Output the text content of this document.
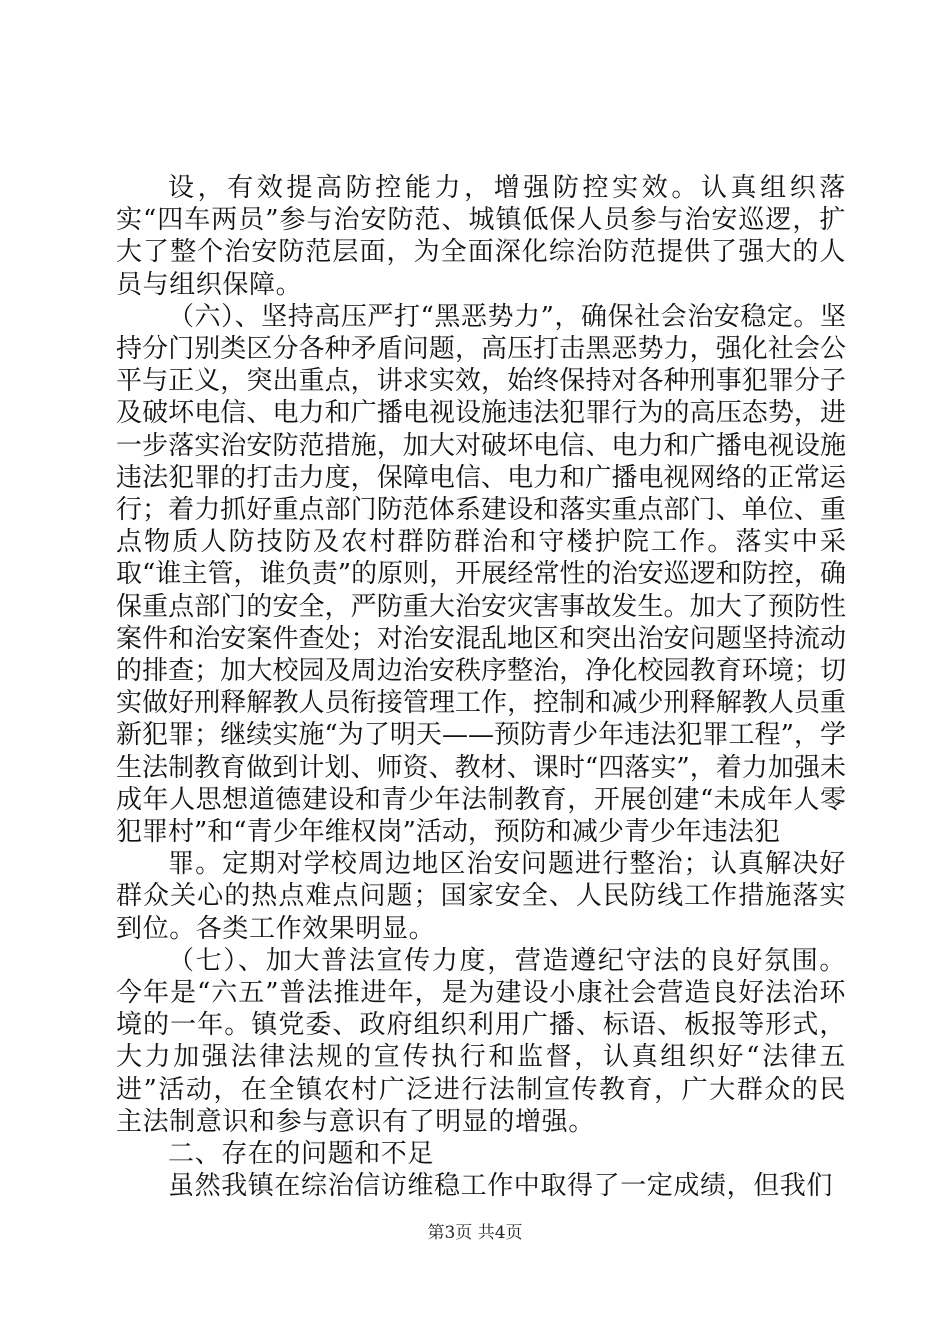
设，有效提高防控能力，增强防控实效。认真组织落实“四车两员”参与治安防范、城镇低保人员参与治安巡逻，扩大了整个治安防范层面，为全面深化综治防范提供了强大的人员与组织保障。

（六）、坚持高压严打“黑恶势力”，确保社会治安稳定。坚持分门别类区分各种矛盾问题，高压打击黑恶势力，强化社会公平与正义，突出重点，讲求实效，始终保持对各种刑事犯罪分子及破坏电信、电力和广播电视设施违法犯罪行为的高压态势，进一步落实治安防范措施，加大对破坏电信、电力和广播电视设施违法犯罪的打击力度，保障电信、电力和广播电视网络的正常运行；着力抓好重点部门防范体系建设和落实重点部门、单位、重点物质人防技防及农村群防群治和守楼护院工作。落实中采取“谁主管，谁负责”的原则，开展经常性的治安巡逻和防控，确保重点部门的安全，严防重大治安灾害事故发生。加大了预防性案件和治安案件查处；对治安混乱地区和突出治安问题坚持流动的排查；加大校园及周边治安秩序整治，净化校园教育环境；切实做好刑释解教人员衔接管理工作，控制和减少刑释解教人员重新犯罪；继续实施“为了明天——预防青少年违法犯罪工程”，学生法制教育做到计划、师资、教材、课时“四落实”，着力加强未成年人思想道德建设和青少年法制教育，开展创建“未成年人零犯罪村”和“青少年维权岗”活动，预防和减少青少年违法犯

罪。定期对学校周边地区治安问题进行整治；认真解决好群众关心的热点难点问题；国家安全、人民防线工作措施落实到位。各类工作效果明显。

（七）、加大普法宣传力度，营造遵纪守法的良好氛围。今年是“六五”普法推进年，是为建设小康社会营造良好法治环境的一年。镇党委、政府组织利用广播、标语、板报等形式，大力加强法律法规的宣传执行和监督，认真组织好“法律五进”活动，在全镇农村广泛进行法制宣传教育，广大群众的民主法制意识和参与意识有了明显的增强。

二、存在的问题和不足

虽然我镇在综治信访维稳工作中取得了一定成绩，但我们

第3页 共4页
